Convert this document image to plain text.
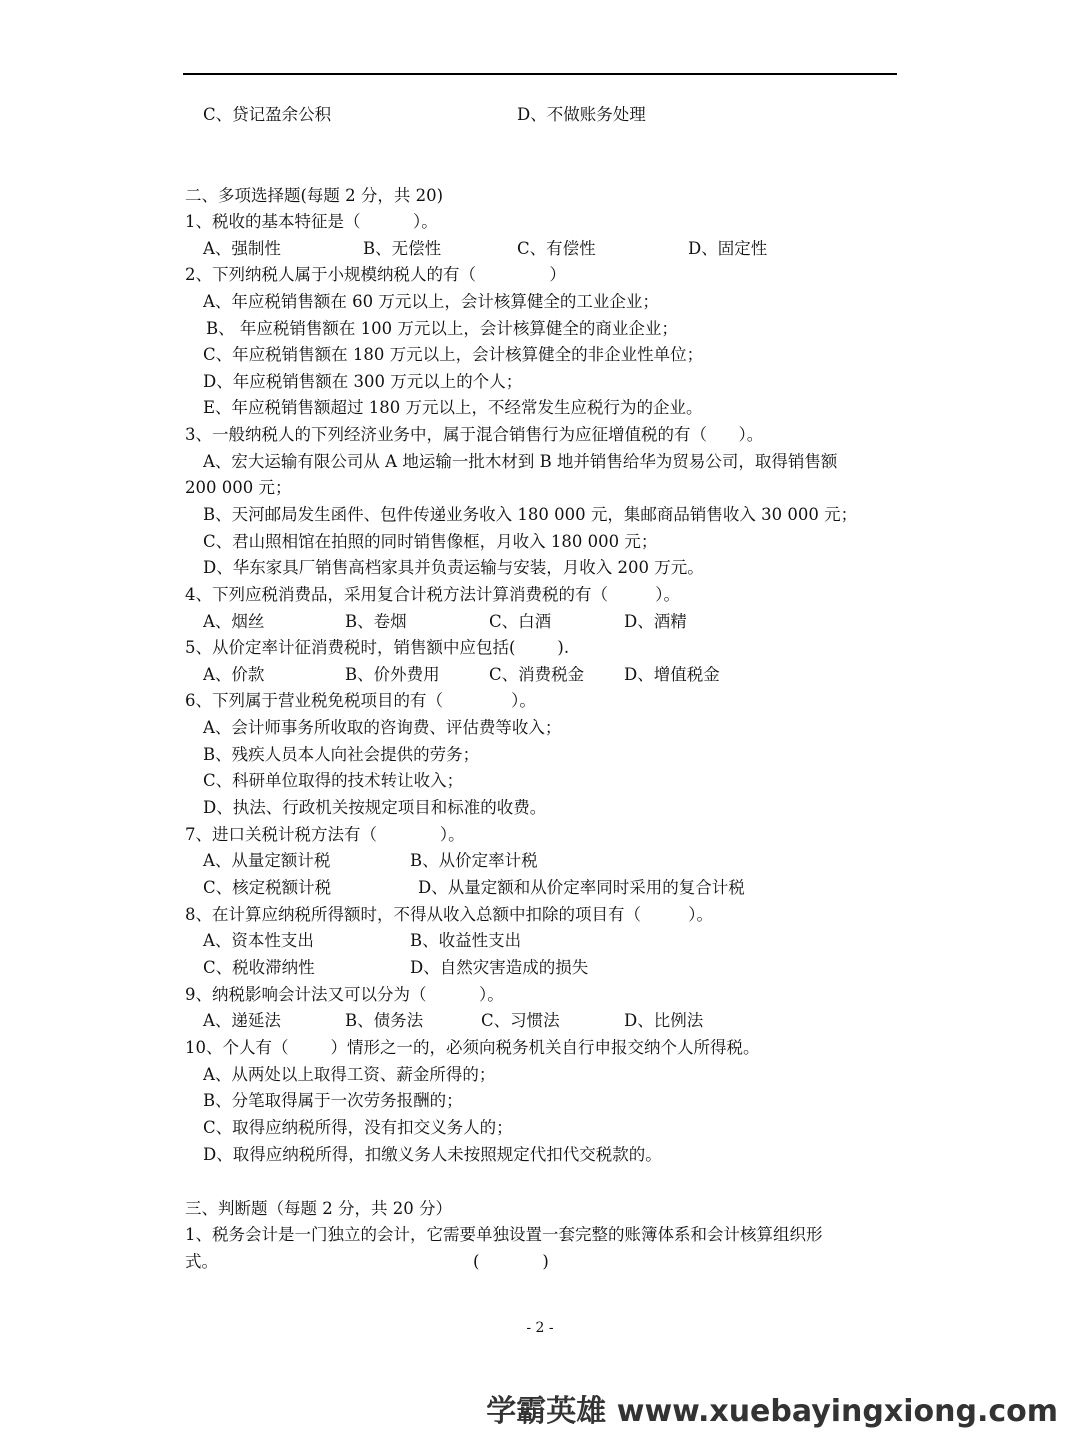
C、贷记盈余公积	D、不做账务处理
二、多项选择题(每题 2 分，共 20)
1、税收的基本特征是（          ）。
A、强制性	B、无偿性	C、有偿性	D、固定性
2、下列纳税人属于小规模纳税人的有（              ）
A、年应税销售额在 60 万元以上，会计核算健全的工业企业；
B、 年应税销售额在 100 万元以上，会计核算健全的商业企业；
C、年应税销售额在 180 万元以上，会计核算健全的非企业性单位；
D、年应税销售额在 300 万元以上的个人；
E、年应税销售额超过 180 万元以上，不经常发生应税行为的企业。
3、一般纳税人的下列经济业务中，属于混合销售行为应征增值税的有（      ）。
A、宏大运输有限公司从 A 地运输一批木材到 B 地并销售给华为贸易公司，取得销售额
200 000 元；
B、天河邮局发生函件、包件传递业务收入 180 000 元，集邮商品销售收入 30 000 元；
C、君山照相馆在拍照的同时销售像框，月收入 180 000 元；
D、华东家具厂销售高档家具并负责运输与安装，月收入 200 万元。
4、下列应税消费品，采用复合计税方法计算消费税的有（         ）。
A、烟丝	B、卷烟	C、白酒	D、酒精
5、从价定率计征消费税时，销售额中应包括(        ).
A、价款	B、价外费用	C、消费税金 D、增值税金
6、下列属于营业税免税项目的有（             ）。
A、会计师事务所收取的咨询费、评估费等收入；
B、残疾人员本人向社会提供的劳务；
C、科研单位取得的技术转让收入；
D、执法、行政机关按规定项目和标准的收费。
7、进口关税计税方法有（            ）。
A、从量定额计税	B、从价定率计税
C、核定税额计税	D、从量定额和从价定率同时采用的复合计税
8、在计算应纳税所得额时，不得从收入总额中扣除的项目有（         ）。
A、资本性支出	B、收益性支出
C、税收滞纳性	D、自然灾害造成的损失
9、纳税影响会计法又可以分为（          ）。
A、递延法	B、债务法	C、习惯法	D、比例法
10、个人有（        ）情形之一的，必须向税务机关自行申报交纳个人所得税。
A、从两处以上取得工资、薪金所得的；
B、分笔取得属于一次劳务报酬的；
C、取得应纳税所得，没有扣交义务人的；
D、取得应纳税所得，扣缴义务人未按照规定代扣代交税款的。
三、判断题（每题 2 分，共 20 分）
1、税务会计是一门独立的会计，它需要单独设置一套完整的账簿体系和会计核算组织形
式。	(            )
- 2 -
学霸英雄 www.xuebayingxiong.com
